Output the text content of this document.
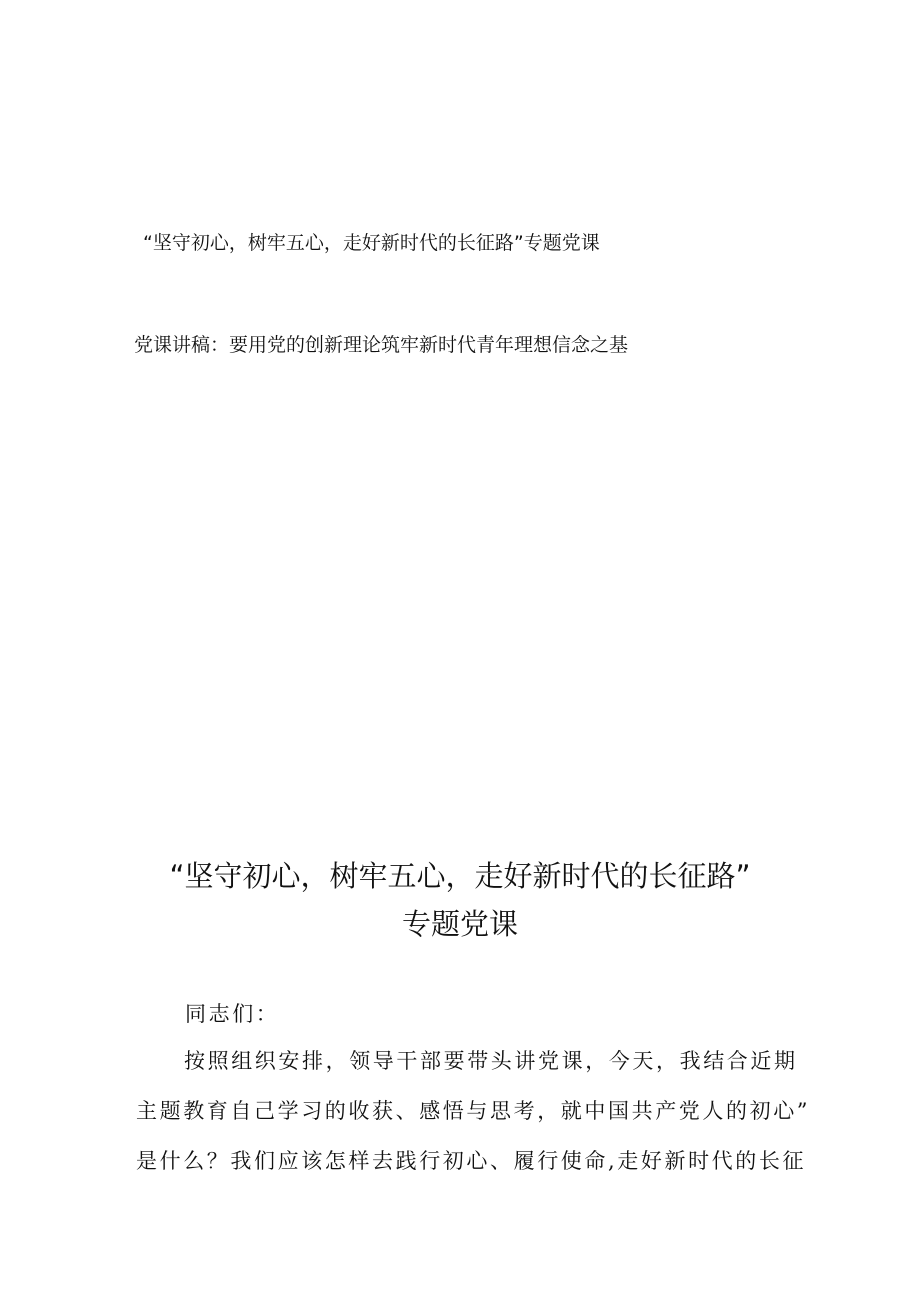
“坚守初心，树牢五心，走好新时代的长征路”专题党课
党课讲稿：要用党的创新理论筑牢新时代青年理想信念之基
“坚守初心，树牢五心，走好新时代的长征路”
专题党课
同志们：
按照组织安排，领导干部要带头讲党课，今天，我结合近期
主题教育自己学习的收获、感悟与思考，就中国共产党人的初心”
是什么？我们应该怎样去践行初心、履行使命,走好新时代的长征
